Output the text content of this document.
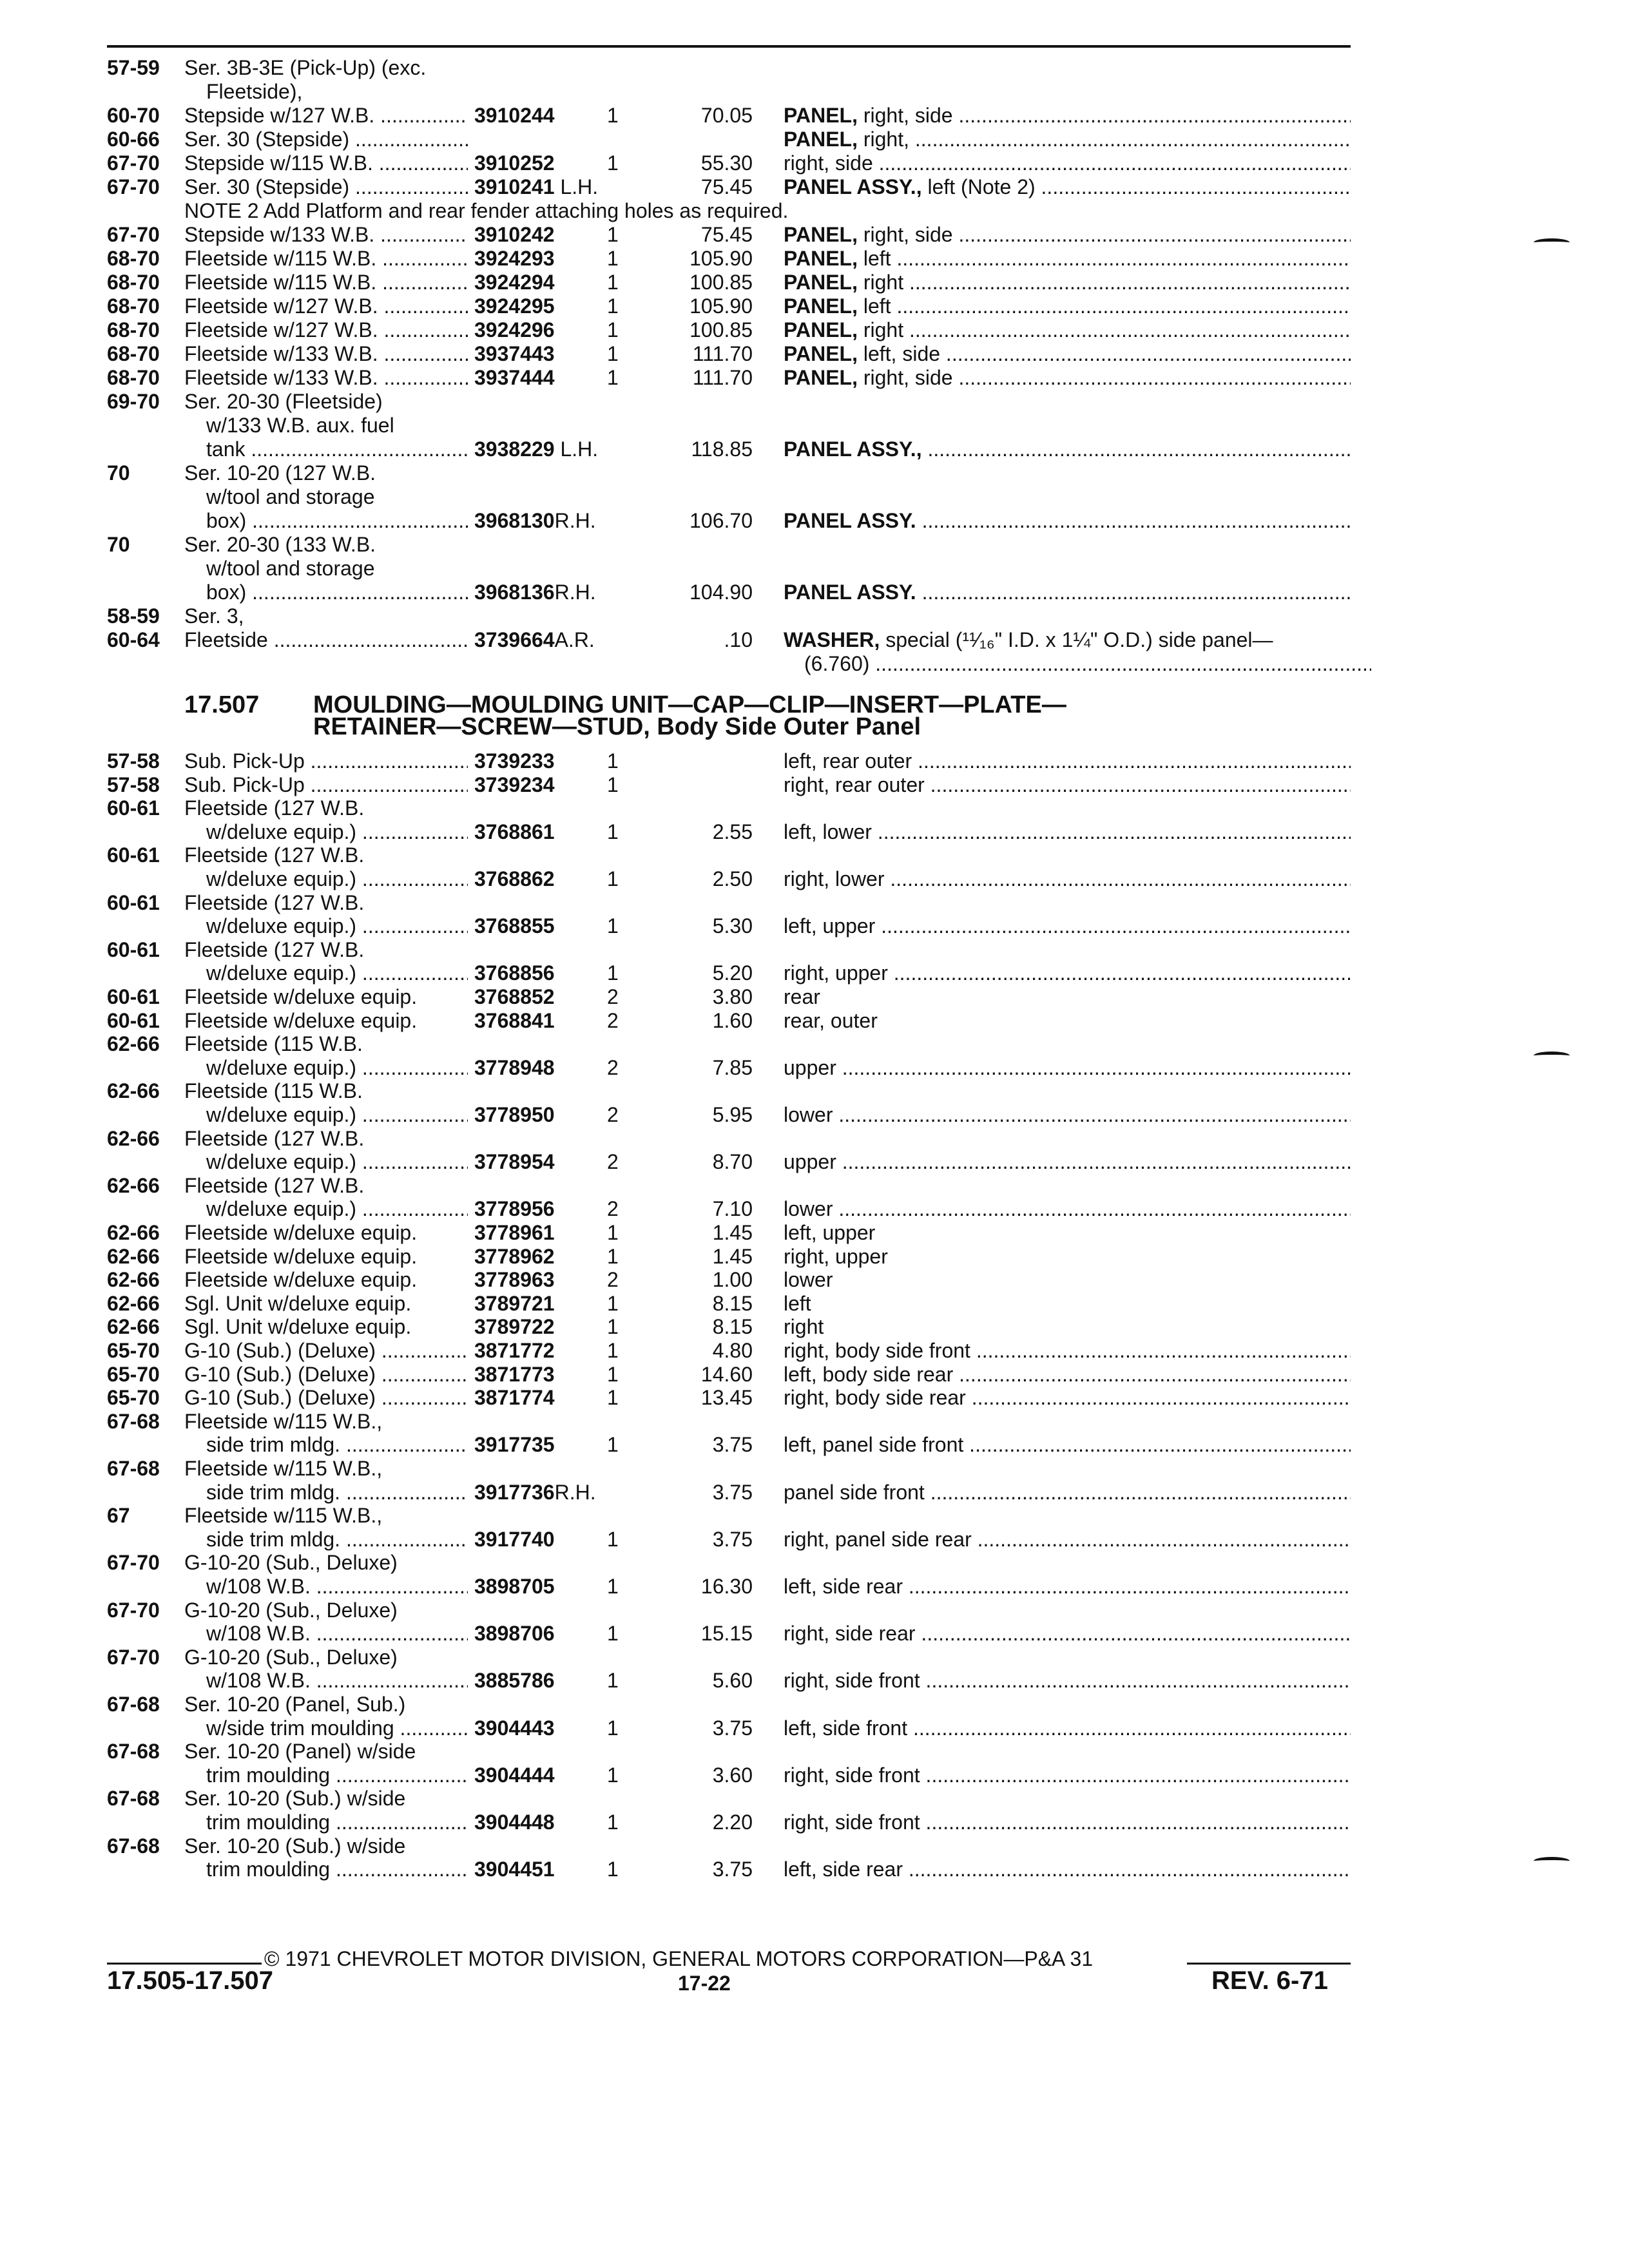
57-59 Ser. 3B-3E (Pick-Up) (exc.
Fleetside),
60-70 Stepside w/127 W.B. .....	3910244	1	70.05 PANEL, right, side .....
60-66 Ser. 30 (Stepside) .....	PANEL, right, .....
67-70 Stepside w/115 W.B. .....	3910252	1	55.30 right, side .....
67-70 Ser. 30 (Stepside) .....	3910241 L.H.	75.45 PANEL ASSY., left (Note 2) .....
NOTE 2 Add Platform and rear fender attaching holes as required.
67-70 Stepside w/133 W.B. .....	3910242	1	75.45 PANEL, right, side .....
68-70 Fleetside w/115 W.B. .....	3924293	1	105.90 PANEL, left .....
68-70 Fleetside w/115 W.B. .....	3924294	1	100.85 PANEL, right .....
68-70 Fleetside w/127 W.B. .....	3924295	1	105.90 PANEL, left .....
68-70 Fleetside w/127 W.B. .....	3924296	1	100.85 PANEL, right .....
68-70 Fleetside w/133 W.B. .....	3937443	1	111.70 PANEL, left, side .....
68-70 Fleetside w/133 W.B. .....	3937444	1	111.70 PANEL, right, side .....
69-70 Ser. 20-30 (Fleetside)
w/133 W.B. aux. fuel
tank .....	3938229 L.H.	118.85 PANEL ASSY., .....
70	Ser. 10-20 (127 W.B.
w/tool and storage
box) .....	3968130R.H.	106.70 PANEL ASSY. .....
70	Ser. 20-30 (133 W.B.
w/tool and storage
box) .....	3968136R.H.	104.90 PANEL ASSY. .....
58-59 Ser. 3,
60-64 Fleetside .....	3739664A.R.	.10 WASHER, special (¹¹⁄₁₆" I.D. x 1¼" O.D.) side panel—
(6.760) .....
17.507 MOULDING—MOULDING UNIT—CAP—CLIP—INSERT—PLATE—
RETAINER—SCREW—STUD, Body Side Outer Panel
57-58 Sub. Pick-Up .....	3739233	1	left, rear outer .....
57-58 Sub. Pick-Up .....	3739234	1	right, rear outer .....
60-61 Fleetside (127 W.B.
w/deluxe equip.) .....	3768861	1	2.55 left, lower .....
60-61 Fleetside (127 W.B.
w/deluxe equip.) .....	3768862	1	2.50 right, lower .....
60-61 Fleetside (127 W.B.
w/deluxe equip.) .....	3768855	1	5.30 left, upper .....
60-61 Fleetside (127 W.B.
w/deluxe equip.) .....	3768856	1	5.20 right, upper .....
60-61 Fleetside w/deluxe equip.	3768852	2	3.80 rear
60-61 Fleetside w/deluxe equip.	3768841	2	1.60 rear, outer
62-66 Fleetside (115 W.B.
w/deluxe equip.) .....	3778948	2	7.85 upper .....
62-66 Fleetside (115 W.B.
w/deluxe equip.) .....	3778950	2	5.95 lower .....
62-66 Fleetside (127 W.B.
w/deluxe equip.) .....	3778954	2	8.70 upper .....
62-66 Fleetside (127 W.B.
w/deluxe equip.) .....	3778956	2	7.10 lower .....
62-66 Fleetside w/deluxe equip.	3778961	1	1.45 left, upper
62-66 Fleetside w/deluxe equip.	3778962	1	1.45 right, upper
62-66 Fleetside w/deluxe equip.	3778963	2	1.00 lower
62-66 Sgl. Unit w/deluxe equip.	3789721	1	8.15 left
62-66 Sgl. Unit w/deluxe equip.	3789722	1	8.15 right
65-70 G-10 (Sub.) (Deluxe) .....	3871772	1	4.80 right, body side front .....
65-70 G-10 (Sub.) (Deluxe) .....	3871773	1	14.60 left, body side rear .....
65-70 G-10 (Sub.) (Deluxe) .....	3871774	1	13.45 right, body side rear .....
67-68 Fleetside w/115 W.B.,
side trim mldg. .....	3917735	1	3.75 left, panel side front .....
67-68 Fleetside w/115 W.B.,
side trim mldg. .....	3917736R.H.	3.75 panel side front .....
67	Fleetside w/115 W.B.,
side trim mldg. .....	3917740	1	3.75 right, panel side rear .....
67-70 G-10-20 (Sub., Deluxe)
w/108 W.B. .....	3898705	1	16.30 left, side rear .....
67-70 G-10-20 (Sub., Deluxe)
w/108 W.B. .....	3898706	1	15.15 right, side rear .....
67-70 G-10-20 (Sub., Deluxe)
w/108 W.B. .....	3885786	1	5.60 right, side front .....
67-68 Ser. 10-20 (Panel, Sub.)
w/side trim moulding .....	3904443	1	3.75 left, side front .....
67-68 Ser. 10-20 (Panel) w/side
trim moulding .....	3904444	1	3.60 right, side front .....
67-68 Ser. 10-20 (Sub.) w/side
trim moulding .....	3904448	1	2.20 right, side front .....
67-68 Ser. 10-20 (Sub.) w/side
trim moulding .....	3904451	1	3.75 left, side rear .....
© 1971 CHEVROLET MOTOR DIVISION, GENERAL MOTORS CORPORATION—P&A 31
17.505-17.507	17-22	REV. 6-71
